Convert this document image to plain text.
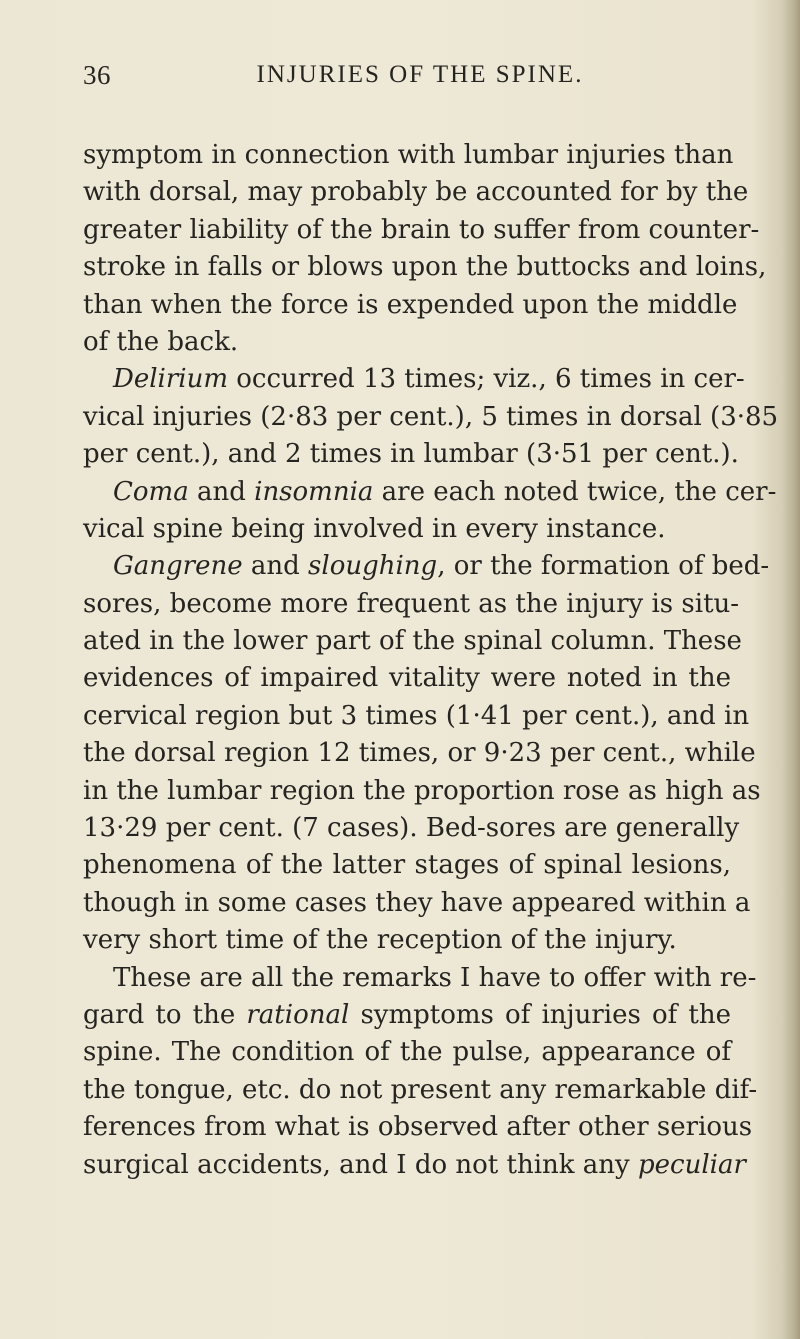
36	INJURIES OF THE SPINE.
symptom in connection with lumbar injuries than
with dorsal, may probably be accounted for by the
greater liability of the brain to suffer from counter-
stroke in falls or blows upon the buttocks and loins,
than when the force is expended upon the middle
of the back.
Delirium occurred 13 times; viz., 6 times in cer-
vical injuries (2·83 per cent.), 5 times in dorsal (3·85
per cent.), and 2 times in lumbar (3·51 per cent.).
Coma and insomnia are each noted twice, the cer-
vical spine being involved in every instance.
Gangrene and sloughing, or the formation of bed-
sores, become more frequent as the injury is situ-
ated in the lower part of the spinal column. These
evidences of impaired vitality were noted in the
cervical region but 3 times (1·41 per cent.), and in
the dorsal region 12 times, or 9·23 per cent., while
in the lumbar region the proportion rose as high as
13·29 per cent. (7 cases). Bed-sores are generally
phenomena of the latter stages of spinal lesions,
though in some cases they have appeared within a
very short time of the reception of the injury.
These are all the remarks I have to offer with re-
gard to the rational symptoms of injuries of the
spine. The condition of the pulse, appearance of
the tongue, etc. do not present any remarkable dif-
ferences from what is observed after other serious
surgical accidents, and I do not think any peculiar
